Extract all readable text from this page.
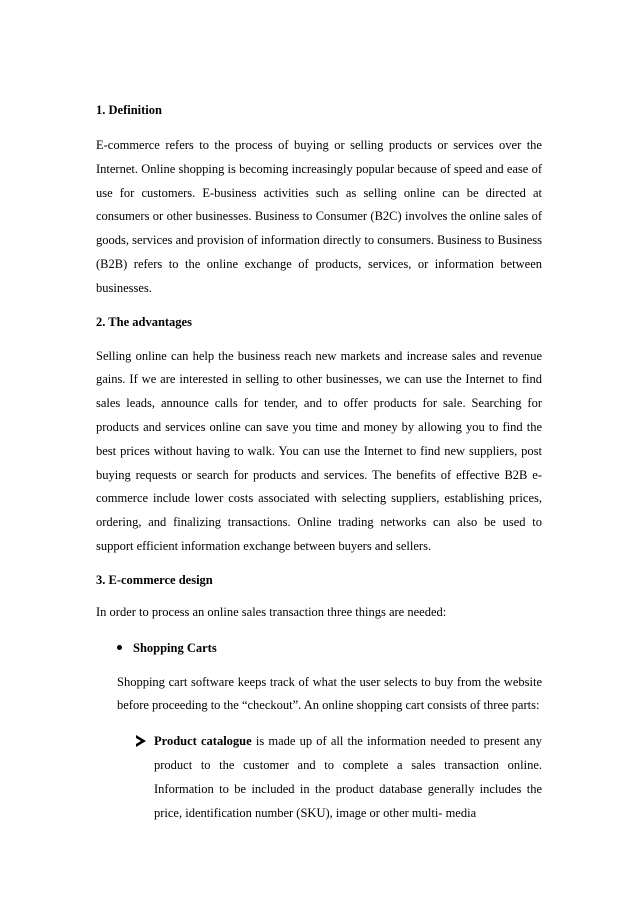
1. Definition

E-commerce refers to the process of buying or selling products or services over the Internet. Online shopping is becoming increasingly popular because of speed and ease of use for customers. E-business activities such as selling online can be directed at consumers or other businesses. Business to Consumer (B2C) involves the online sales of goods, services and provision of information directly to consumers. Business to Business (B2B) refers to the online exchange of products, services, or information between businesses.

2. The advantages

Selling online can help the business reach new markets and increase sales and revenue gains. If we are interested in selling to other businesses, we can use the Internet to find sales leads, announce calls for tender, and to offer products for sale. Searching for products and services online can save you time and money by allowing you to find the best prices without having to walk. You can use the Internet to find new suppliers, post buying requests or search for products and services. The benefits of effective B2B e-commerce include lower costs associated with selecting suppliers, establishing prices, ordering, and finalizing transactions. Online trading networks can also be used to support efficient information exchange between buyers and sellers.

3. E-commerce design

In order to process an online sales transaction three things are needed:

Shopping Carts

Shopping cart software keeps track of what the user selects to buy from the website before proceeding to the “checkout”. An online shopping cart consists of three parts:

Product catalogue is made up of all the information needed to present any product to the customer and to complete a sales transaction online. Information to be included in the product database generally includes the price, identification number (SKU), image or other multi- media
